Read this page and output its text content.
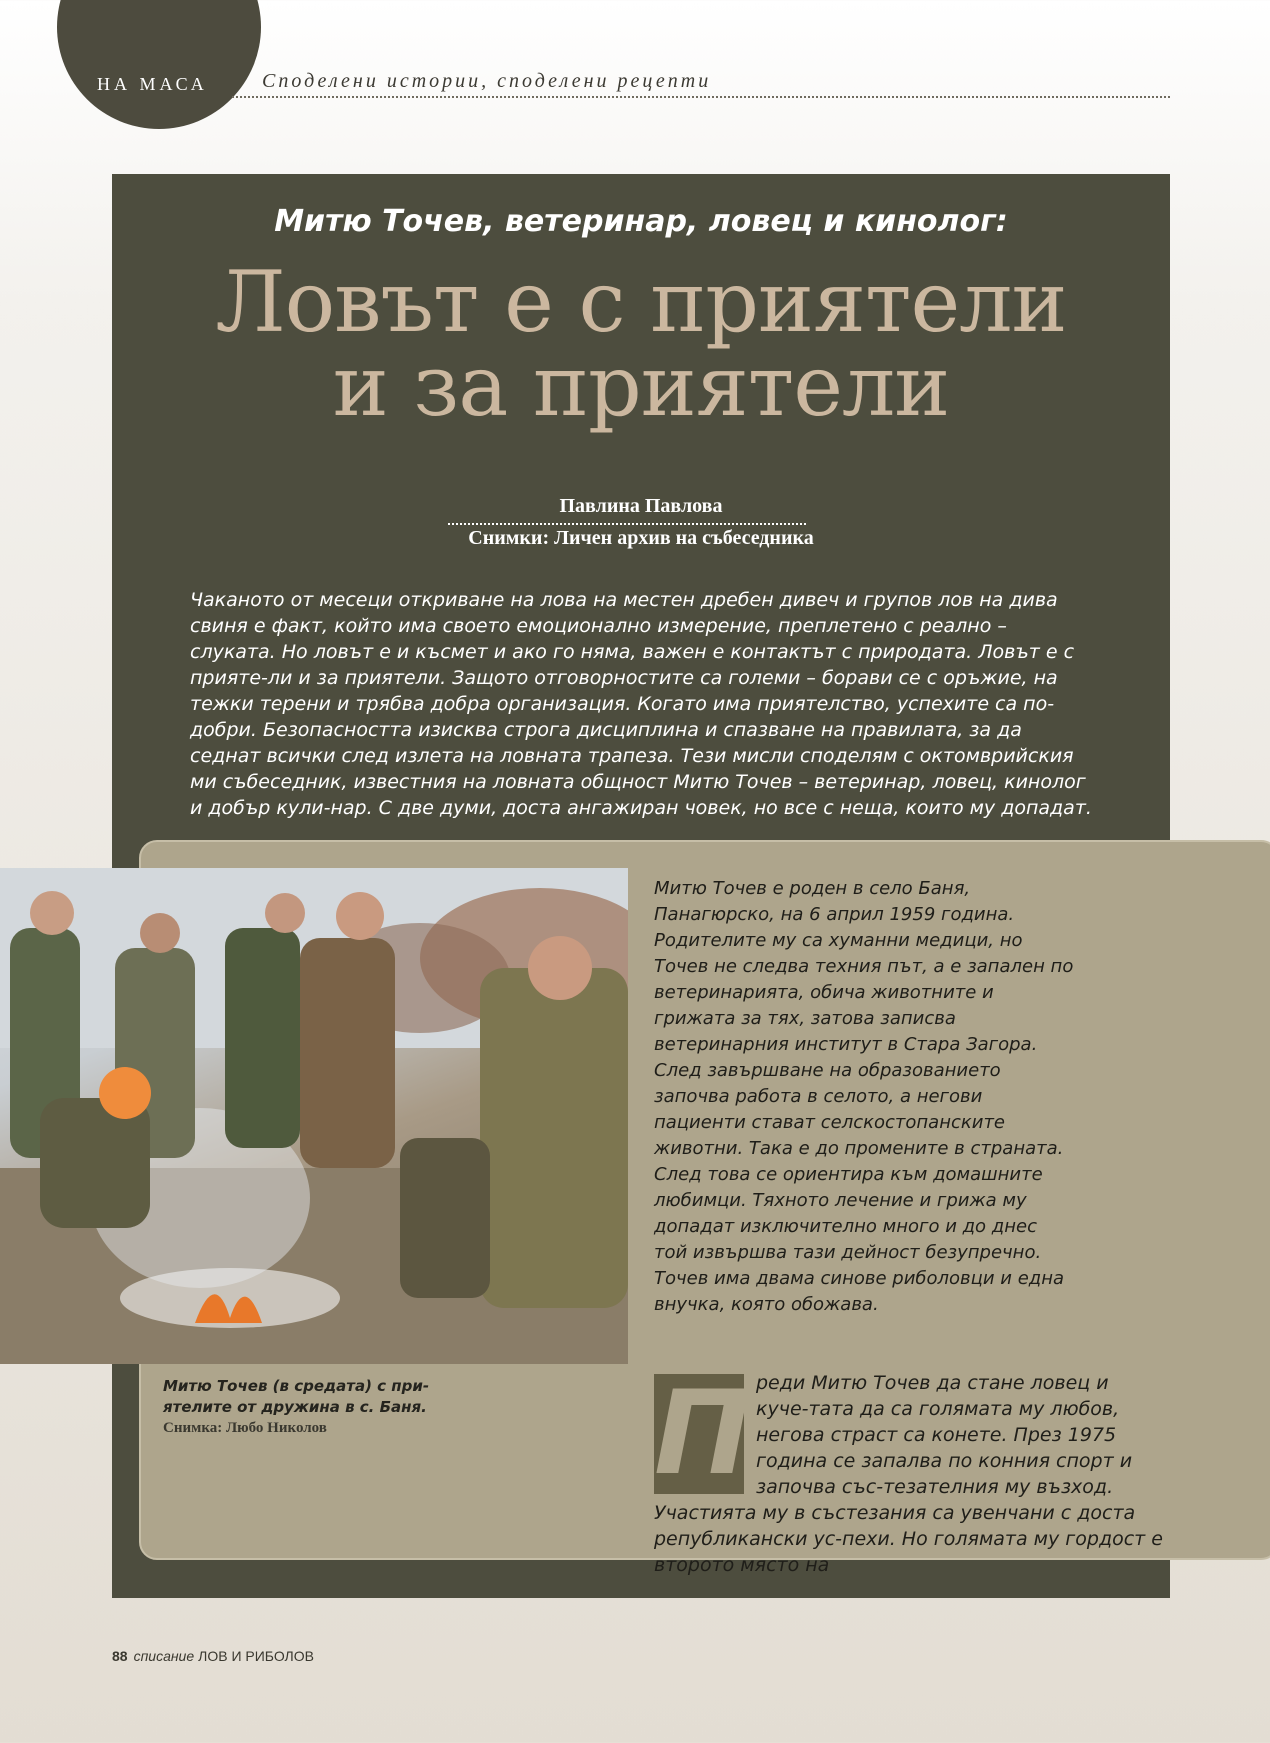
НА МАСА	Споделени истории, споделени рецепти
Митю Точев, ветеринар, ловец и кинолог:
Ловът е с приятели
и за приятели
Павлина Павлова
Снимки: Личен архив на събеседника

Чаканото от месеци откриване на лова на местен дребен дивеч и групов лов на дива свиня е факт, който има своето емоционално измерение, преплетено с реално – слуката. Но ловът е и късмет и ако го няма, важен е контактът с природата. Ловът е с прияте-ли и за приятели. Защото отговорностите са големи – борави се с оръжие, на тежки терени и трябва добра организация. Когато има приятелство, успехите са по-добри. Безопасността изисква строга дисциплина и спазване на правилата, за да седнат всички след излета на ловната трапеза. Тези мисли споделям с октомврийския ми събеседник, известния на ловната общност Митю Точев – ветеринар, ловец, кинолог и добър кули-нар. С две думи, доста ангажиран човек, но все с неща, които му допадат.

Митю Точев (в средата) с при-ятелите от дружина в с. Баня.

Снимка: Любо Николов

Митю Точев е роден в село Баня, Панагюрско, на 6 април 1959 година. Родителите му са хуманни медици, но Точев не следва техния път, а е запален по ветеринарията, обича животните и грижата за тях, затова записва ветеринарния институт в Стара Загора. След завършване на образованието започва работа в селото, а негови пациенти стават селскостопанските животни. Така е до промените в страната. След това се ориентира към домашните любимци. Тяхното лечение и грижа му допадат изключително много и до днес той извършва тази дейност безупречно. Точев има двама синове риболовци и една внучка, която обожава.

П реди Митю Точев да стане ловец и куче-тата да са голямата му любов, негова страст са конете. През 1975 година се запалва по конния спорт и започва със-тезателния му възход. Участията му в състезания са увенчани с доста републикански ус-пехи. Но голямата му гордост е второто място на

88 списание ЛОВ И РИБОЛОВ
